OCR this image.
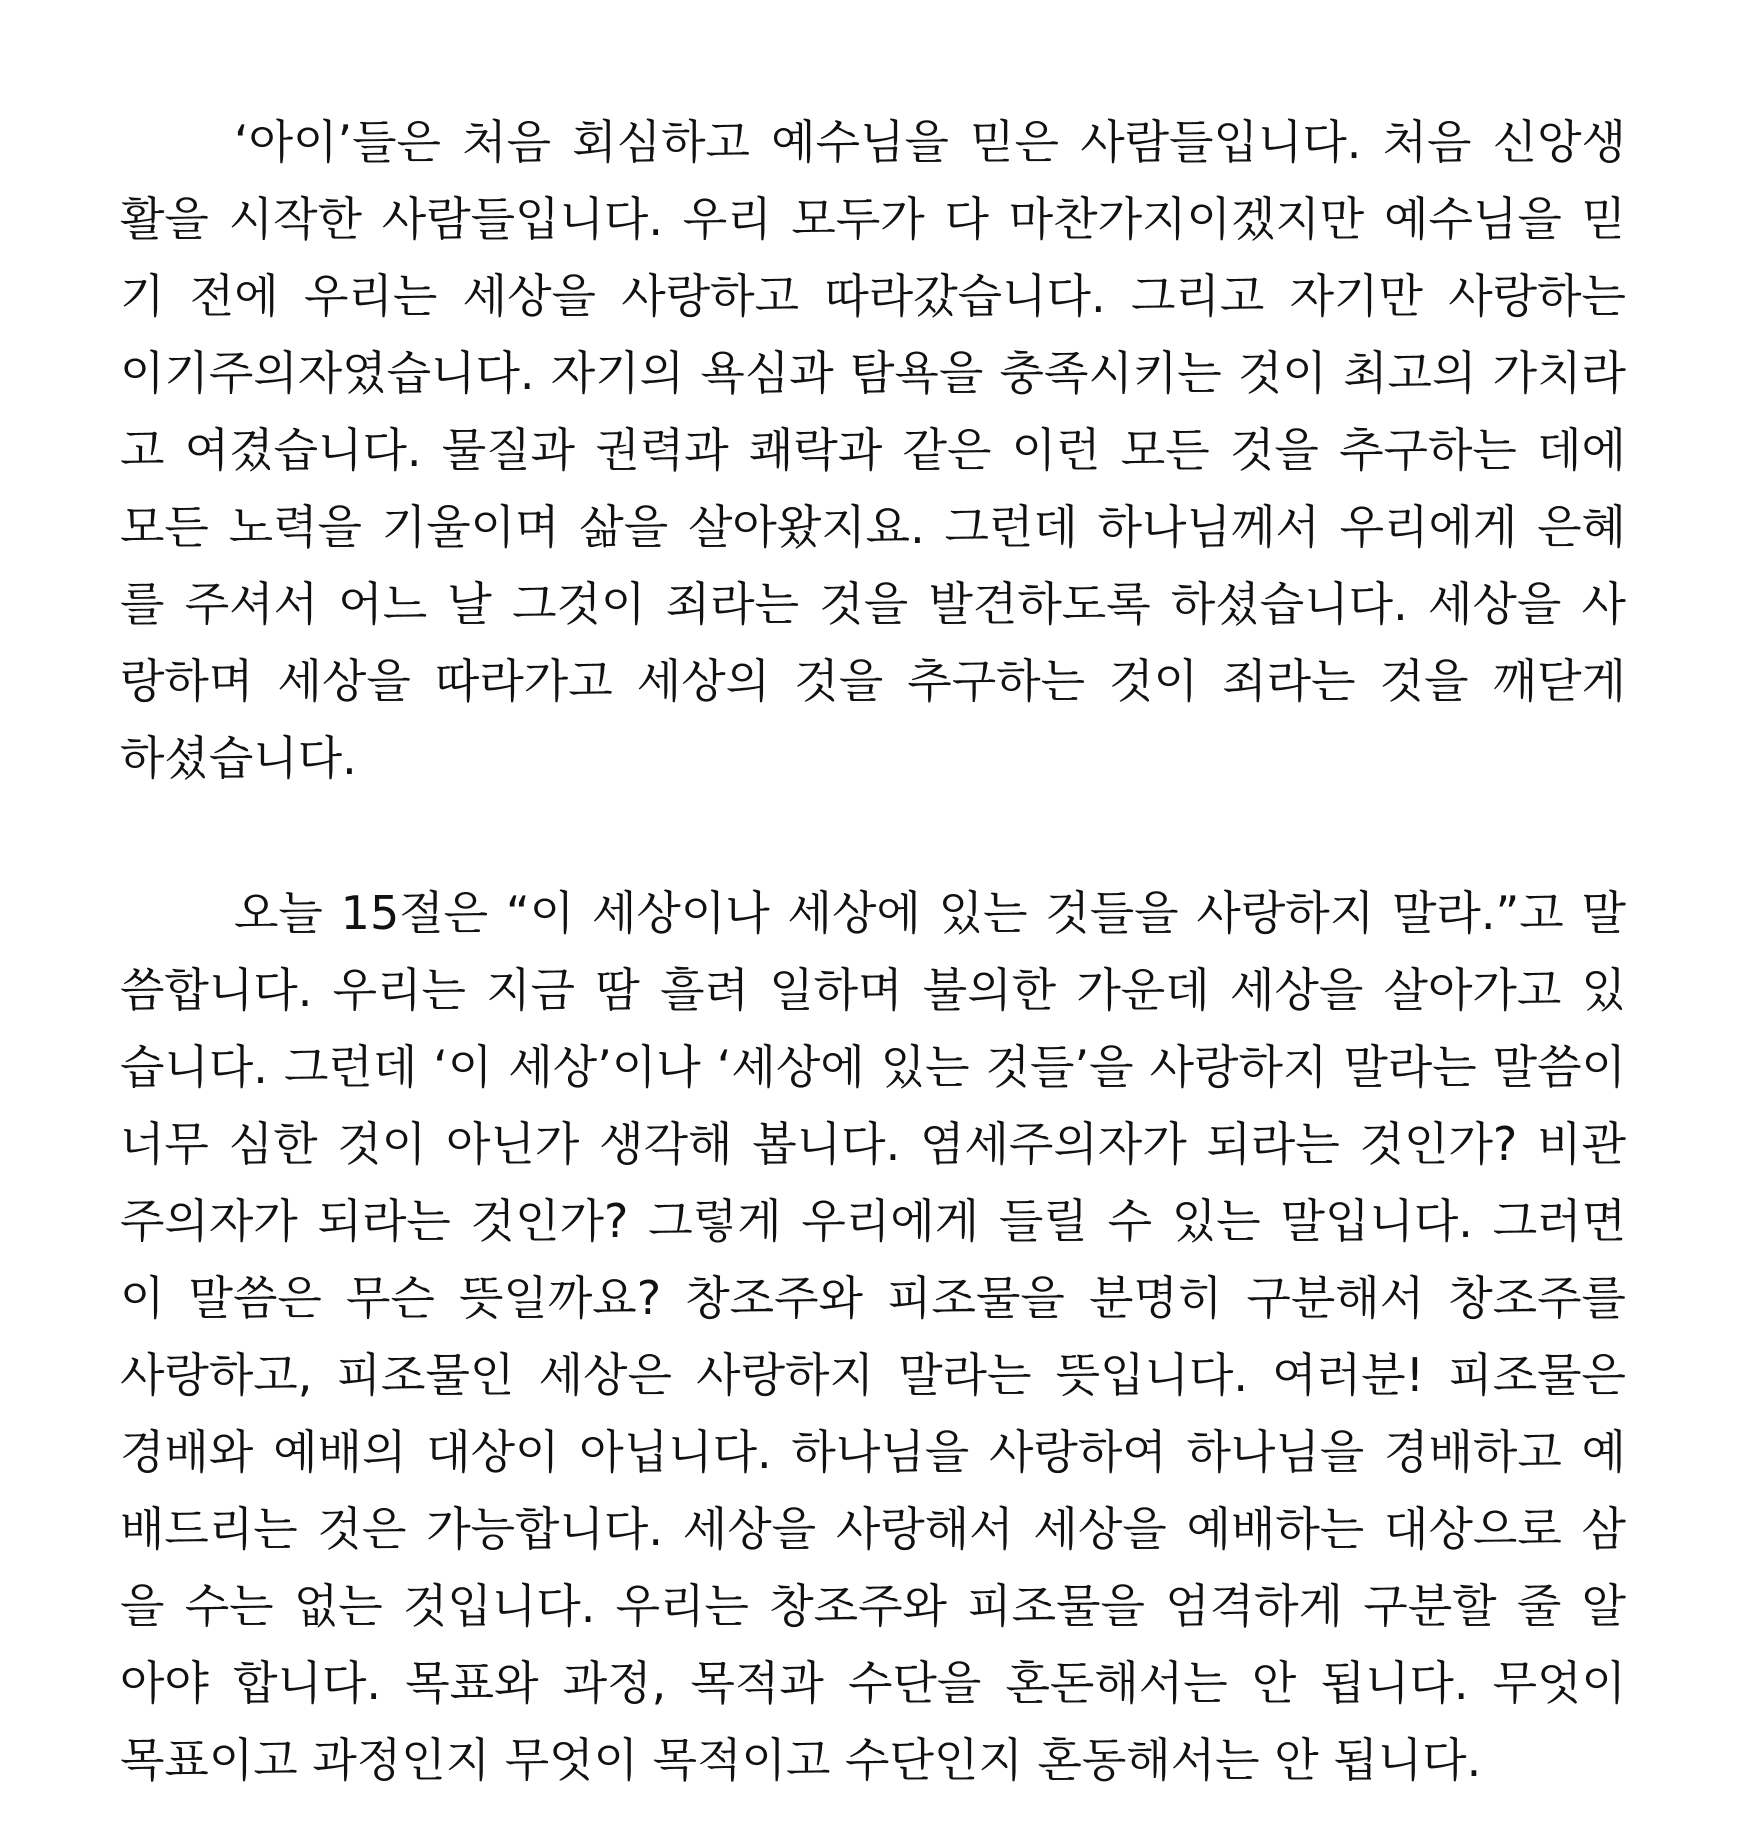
‘아이’들은 처음 회심하고 예수님을 믿은 사람들입니다. 처음 신앙생
활을 시작한 사람들입니다. 우리 모두가 다 마찬가지이겠지만 예수님을 믿
기 전에 우리는 세상을 사랑하고 따라갔습니다. 그리고 자기만 사랑하는
이기주의자였습니다. 자기의 욕심과 탐욕을 충족시키는 것이 최고의 가치라
고 여겼습니다. 물질과 권력과 쾌락과 같은 이런 모든 것을 추구하는 데에
모든 노력을 기울이며 삶을 살아왔지요. 그런데 하나님께서 우리에게 은혜
를 주셔서 어느 날 그것이 죄라는 것을 발견하도록 하셨습니다. 세상을 사
랑하며 세상을 따라가고 세상의 것을 추구하는 것이 죄라는 것을 깨닫게
하셨습니다.
오늘 15절은 “이 세상이나 세상에 있는 것들을 사랑하지 말라.”고 말
씀합니다. 우리는 지금 땀 흘려 일하며 불의한 가운데 세상을 살아가고 있
습니다. 그런데 ‘이 세상’이나 ‘세상에 있는 것들’을 사랑하지 말라는 말씀이
너무 심한 것이 아닌가 생각해 봅니다. 염세주의자가 되라는 것인가? 비관
주의자가 되라는 것인가? 그렇게 우리에게 들릴 수 있는 말입니다. 그러면
이 말씀은 무슨 뜻일까요? 창조주와 피조물을 분명히 구분해서 창조주를
사랑하고, 피조물인 세상은 사랑하지 말라는 뜻입니다. 여러분! 피조물은
경배와 예배의 대상이 아닙니다. 하나님을 사랑하여 하나님을 경배하고 예
배드리는 것은 가능합니다. 세상을 사랑해서 세상을 예배하는 대상으로 삼
을 수는 없는 것입니다. 우리는 창조주와 피조물을 엄격하게 구분할 줄 알
아야 합니다. 목표와 과정, 목적과 수단을 혼돈해서는 안 됩니다. 무엇이
목표이고 과정인지 무엇이 목적이고 수단인지 혼동해서는 안 됩니다.
